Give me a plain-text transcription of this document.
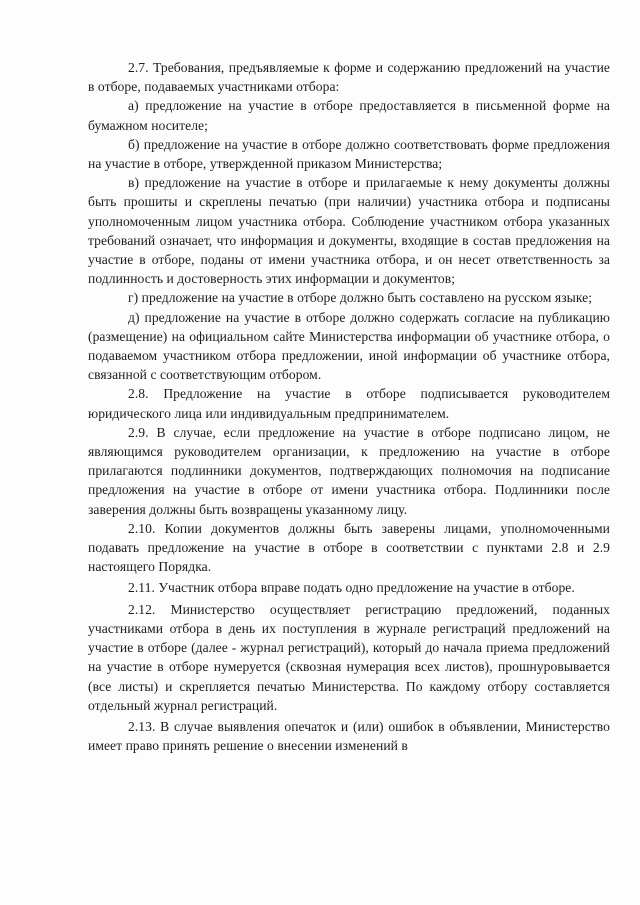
2.7. Требования, предъявляемые к форме и содержанию предложений на участие в отборе, подаваемых участниками отбора:

а) предложение на участие в отборе предоставляется в письменной форме на бумажном носителе;

б) предложение на участие в отборе должно соответствовать форме предложения на участие в отборе, утвержденной приказом Министерства;

в) предложение на участие в отборе и прилагаемые к нему документы должны быть прошиты и скреплены печатью (при наличии) участника отбора и подписаны уполномоченным лицом участника отбора. Соблюдение участником отбора указанных требований означает, что информация и документы, входящие в состав предложения на участие в отборе, поданы от имени участника отбора, и он несет ответственность за подлинность и достоверность этих информации и документов;

г) предложение на участие в отборе должно быть составлено на русском языке;

д) предложение на участие в отборе должно содержать согласие на публикацию (размещение) на официальном сайте Министерства информации об участнике отбора, о подаваемом участником отбора предложении, иной информации об участнике отбора, связанной с соответствующим отбором.

2.8. Предложение на участие в отборе подписывается руководителем юридического лица или индивидуальным предпринимателем.

2.9. В случае, если предложение на участие в отборе подписано лицом, не являющимся руководителем организации, к предложению на участие в отборе прилагаются подлинники документов, подтверждающих полномочия на подписание предложения на участие в отборе от имени участника отбора. Подлинники после заверения должны быть возвращены указанному лицу.

2.10. Копии документов должны быть заверены лицами, уполномоченными подавать предложение на участие в отборе в соответствии с пунктами 2.8 и 2.9 настоящего Порядка.

2.11. Участник отбора вправе подать одно предложение на участие в отборе.

2.12. Министерство осуществляет регистрацию предложений, поданных участниками отбора в день их поступления в журнале регистраций предложений на участие в отборе (далее - журнал регистраций), который до начала приема предложений на участие в отборе нумеруется (сквозная нумерация всех листов), прошнуровывается (все листы) и скрепляется печатью Министерства. По каждому отбору составляется отдельный журнал регистраций.

2.13. В случае выявления опечаток и (или) ошибок в объявлении, Министерство имеет право принять решение о внесении изменений в
